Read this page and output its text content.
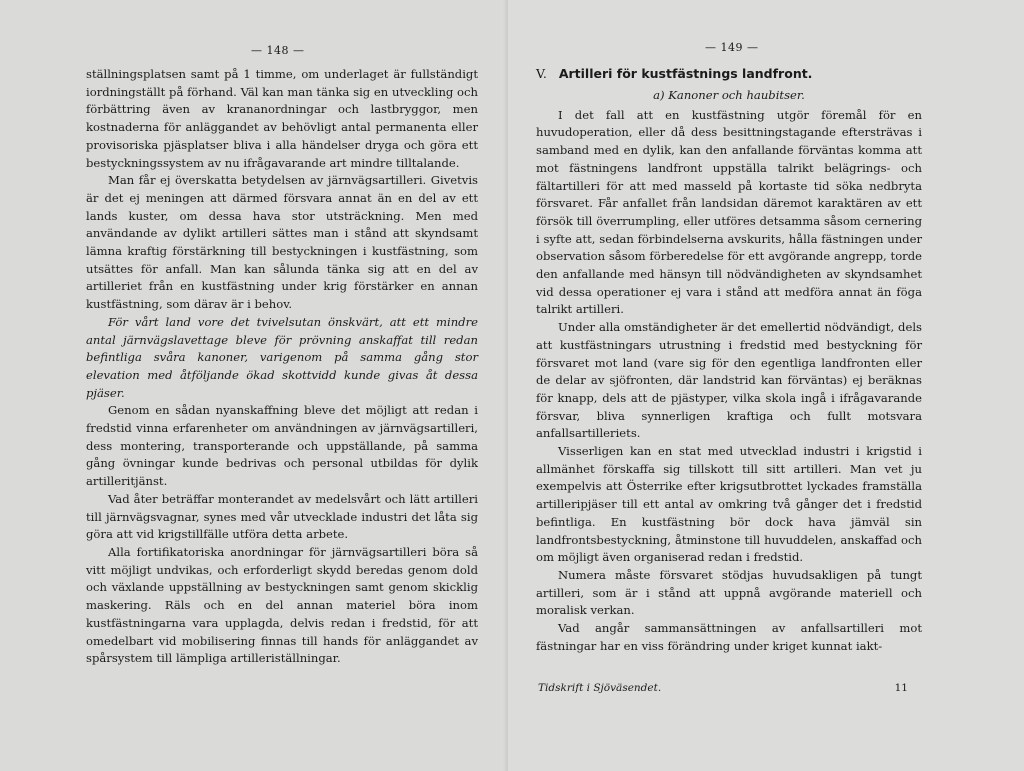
— 148 —

ställningsplatsen samt på 1 timme, om underlaget är fullständigt iordningställt på förhand. Väl kan man tänka sig en utveckling och förbättring även av krananordningar och lastbryggor, men kostnaderna för anläggandet av behövligt antal permanenta eller provisoriska pjäsplatser bliva i alla händelser dryga och göra ett bestyckningssystem av nu ifrågavarande art mindre tilltalande.

Man får ej överskatta betydelsen av järnvägsartilleri. Givetvis är det ej meningen att därmed försvara annat än en del av ett lands kuster, om dessa hava stor utsträckning. Men med användande av dylikt artilleri sättes man i stånd att skyndsamt lämna kraftig förstärkning till bestyckningen i kustfästning, som utsättes för anfall. Man kan sålunda tänka sig att en del av artilleriet från en kustfästning under krig förstärker en annan kustfästning, som därav är i behov.

För vårt land vore det tvivelsutan önskvärt, att ett mindre antal järnvägslavettage bleve för prövning anskaffat till redan befintliga svåra kanoner, varigenom på samma gång stor elevation med åtföljande ökad skottvidd kunde givas åt dessa pjäser.

Genom en sådan nyanskaffning bleve det möjligt att redan i fredstid vinna erfarenheter om användningen av järnvägsartilleri, dess montering, transporterande och uppställande, på samma gång övningar kunde bedrivas och personal utbildas för dylik artilleritjänst.

Vad åter beträffar monterandet av medelsvårt och lätt artilleri till järnvägsvagnar, synes med vår utvecklade industri det låta sig göra att vid krigstillfälle utföra detta arbete.

Alla fortifikatoriska anordningar för järnvägsartilleri böra så vitt möjligt undvikas, och erforderligt skydd beredas genom dold och växlande uppställning av bestyckningen samt genom skicklig maskering. Räls och en del annan materiel böra inom kustfästningarna vara upplagda, delvis redan i fredstid, för att omedelbart vid mobilisering finnas till hands för anläggandet av spårsystem till lämpliga artilleriställningar.

— 149 —

V. Artilleri för kustfästnings landfront.

a) Kanoner och haubitser.

I det fall att en kustfästning utgör föremål för en huvudoperation, eller då dess besittningstagande eftersträvas i samband med en dylik, kan den anfallande förväntas komma att mot fästningens landfront uppställa talrikt belägrings- och fältartilleri för att med masseld på kortaste tid söka nedbryta försvaret. Får anfallet från landsidan däremot karaktären av ett försök till överrumpling, eller utföres detsamma såsom cernering i syfte att, sedan förbindelserna avskurits, hålla fästningen under observation såsom förberedelse för ett avgörande angrepp, torde den anfallande med hänsyn till nödvändigheten av skyndsamhet vid dessa operationer ej vara i stånd att medföra annat än föga talrikt artilleri.

Under alla omständigheter är det emellertid nödvändigt, dels att kustfästningars utrustning i fredstid med bestyckning för försvaret mot land (vare sig för den egentliga landfronten eller de delar av sjöfronten, där landstrid kan förväntas) ej beräknas för knapp, dels att de pjästyper, vilka skola ingå i ifrågavarande försvar, bliva synnerligen kraftiga och fullt motsvara anfallsartilleriets.

Visserligen kan en stat med utvecklad industri i krigstid i allmänhet förskaffa sig tillskott till sitt artilleri. Man vet ju exempelvis att Österrike efter krigsutbrottet lyckades framställa artilleripjäser till ett antal av omkring två gånger det i fredstid befintliga. En kustfästning bör dock hava jämväl sin landfrontsbestyckning, åtminstone till huvuddelen, anskaffad och om möjligt även organiserad redan i fredstid.

Numera måste försvaret stödjas huvudsakligen på tungt artilleri, som är i stånd att uppnå avgörande materiell och moralisk verkan.

Vad angår sammansättningen av anfallsartilleri mot fästningar har en viss förändring under kriget kunnat iakt-

Tidskrift i Sjöväsendet.	11
